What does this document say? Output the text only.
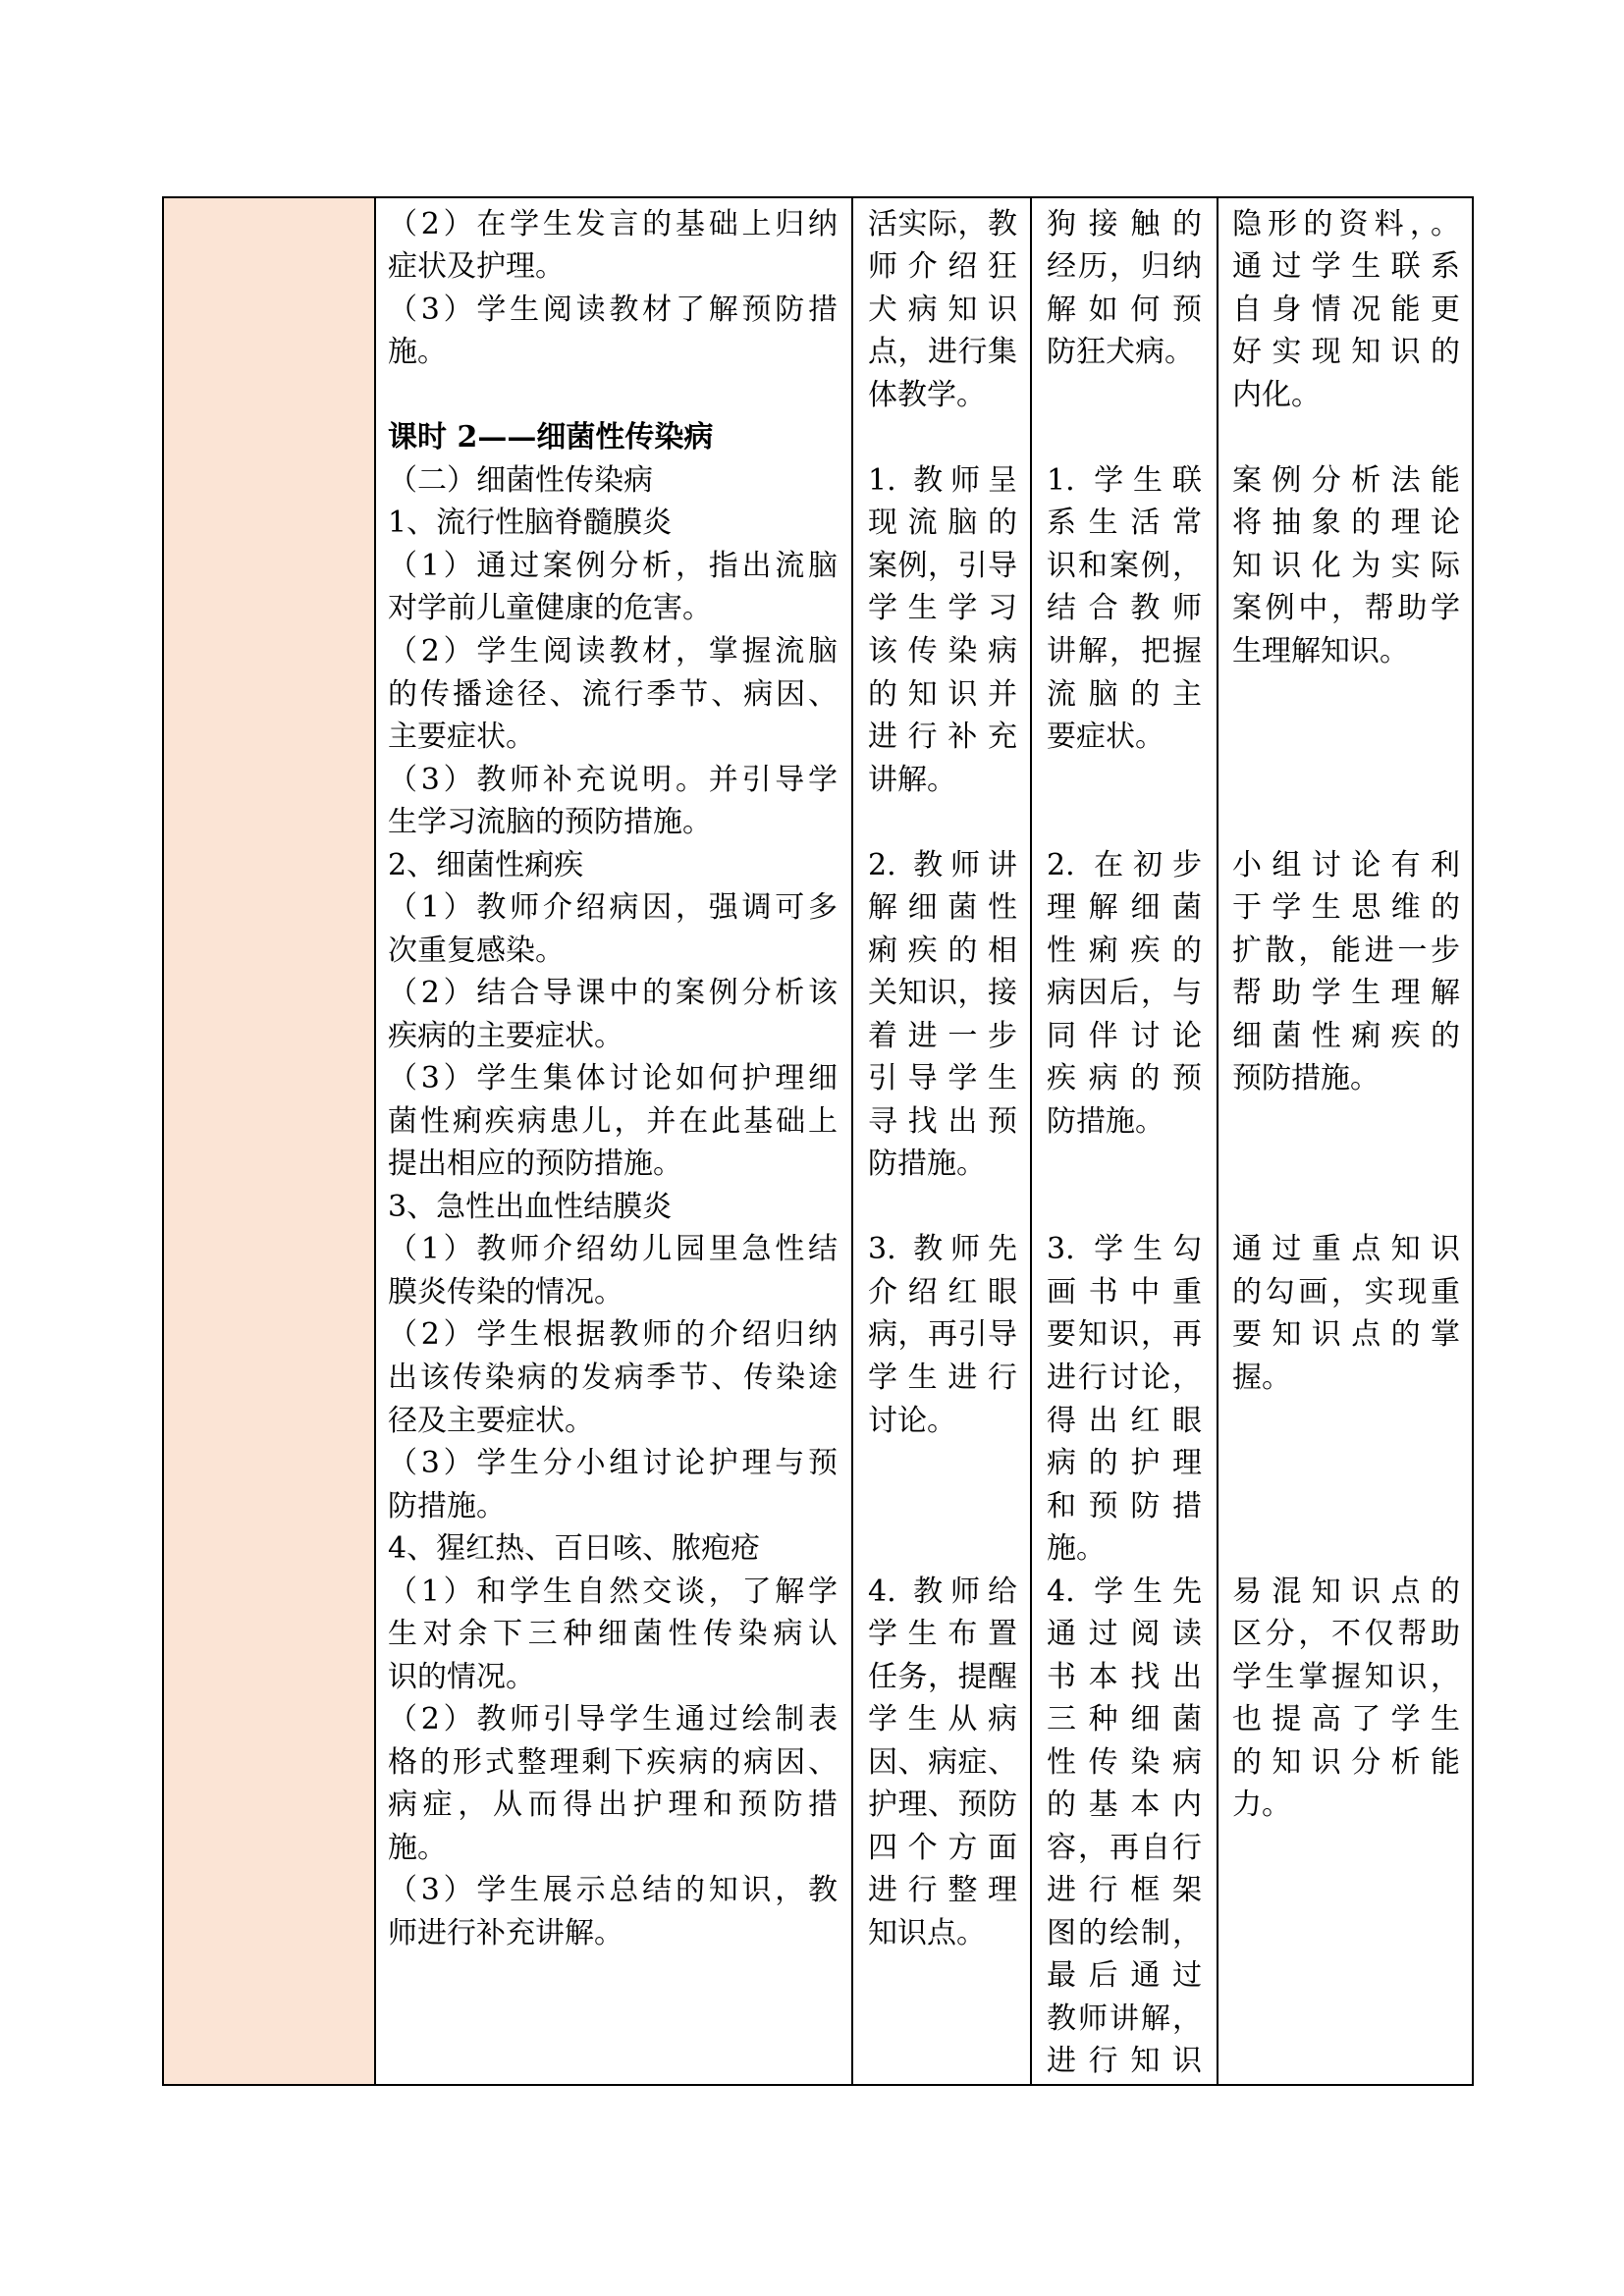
（2）在学生发言的基础上归纳
症状及护理。
（3）学生阅读教材了解预防措
施。
活实际，教
师介绍狂
犬病知识
点，进行集
体教学。
狗接触的
经历，归纳
解如何预
防狂犬病。
隐形的资料，。
通过学生联系
自身情况能更
好实现知识的
内化。
课时 2——细菌性传染病
（二）细菌性传染病
1、流行性脑脊髓膜炎
（1）通过案例分析，指出流脑
对学前儿童健康的危害。
（2）学生阅读教材，掌握流脑
的传播途径、流行季节、病因、
主要症状。
（3）教师补充说明。并引导学
生学习流脑的预防措施。
1. 教师呈
现流脑的
案例，引导
学生学习
该传染病
的知识并
进行补充
讲解。
1. 学生联
系生活常
识和案例，
结合教师
讲解，把握
流脑的主
要症状。
案例分析法能
将抽象的理论
知识化为实际
案例中，帮助学
生理解知识。
2、细菌性痢疾
（1）教师介绍病因，强调可多
次重复感染。
（2）结合导课中的案例分析该
疾病的主要症状。
（3）学生集体讨论如何护理细
菌性痢疾病患儿，并在此基础上
提出相应的预防措施。
2. 教师讲
解细菌性
痢疾的相
关知识，接
着进一步
引导学生
寻找出预
防措施。
2. 在初步
理解细菌
性痢疾的
病因后，与
同伴讨论
疾病的预
防措施。
小组讨论有利
于学生思维的
扩散，能进一步
帮助学生理解
细菌性痢疾的
预防措施。
3、急性出血性结膜炎
（1）教师介绍幼儿园里急性结
膜炎传染的情况。
（2）学生根据教师的介绍归纳
出该传染病的发病季节、传染途
径及主要症状。
（3）学生分小组讨论护理与预
防措施。
3. 教师先
介绍红眼
病，再引导
学生进行
讨论。
3. 学生勾
画书中重
要知识，再
进行讨论，
得出红眼
病的护理
和预防措
施。
通过重点知识
的勾画，实现重
要知识点的掌
握。
4、猩红热、百日咳、脓疱疮
（1）和学生自然交谈，了解学
生对余下三种细菌性传染病认
识的情况。
（2）教师引导学生通过绘制表
格的形式整理剩下疾病的病因、
病症，从而得出护理和预防措
施。
（3）学生展示总结的知识，教
师进行补充讲解。
4. 教师给
学生布置
任务，提醒
学生从病
因、病症、
护理、预防
四个方面
进行整理
知识点。
4. 学生先
通过阅读
书本找出
三种细菌
性传染病
的基本内
容，再自行
进行框架
图的绘制，
最后通过
教师讲解，
进行知识
易混知识点的
区分，不仅帮助
学生掌握知识，
也提高了学生
的知识分析能
力。
